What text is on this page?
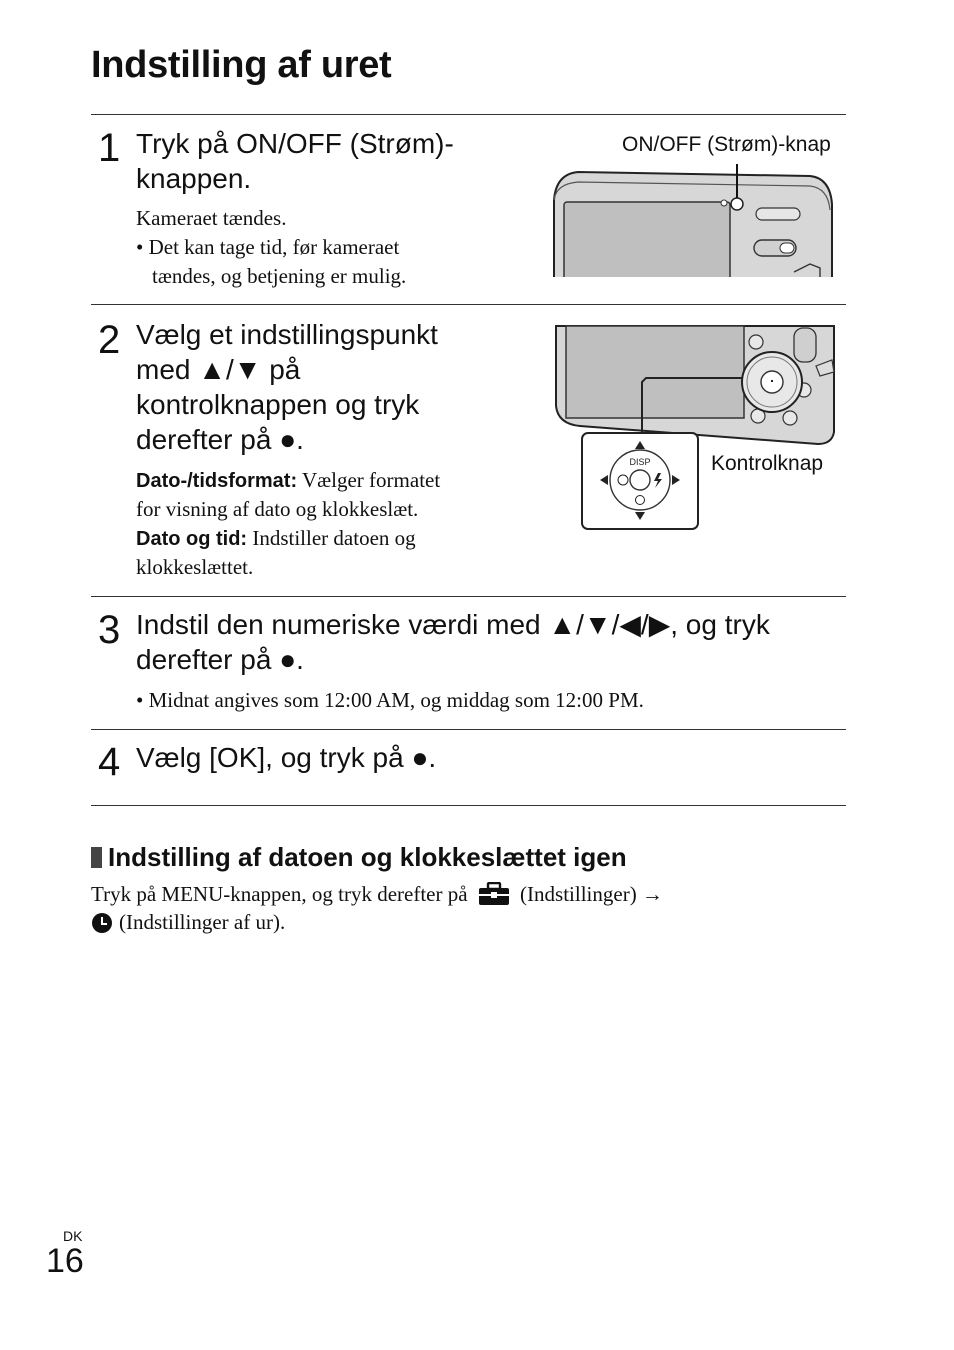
Indstilling af uret
1 Tryk på ON/OFF (Strøm)-
knappen.
Kameraet tændes.
• Det kan tage tid, før kameraet
tændes, og betjening er mulig.
ON/OFF (Strøm)-knap
2 Vælg et indstillingspunkt
med ▲/▼ på
kontrolknappen og tryk
derefter på ●.
Dato-/tidsformat: Vælger formatet
for visning af dato og klokkeslæt.
Dato og tid: Indstiller datoen og
klokkeslættet.
DISP	Kontrolknap
3 Indstil den numeriske værdi med ▲/▼/◀/▶, og tryk
derefter på ●.
• Midnat angives som 12:00 AM, og middag som 12:00 PM.
4 Vælg [OK], og tryk på ●.
Indstilling af datoen og klokkeslættet igen
Tryk på MENU-knappen, og tryk derefter på	(Indstillinger) →
(Indstillinger af ur).
DK
16
